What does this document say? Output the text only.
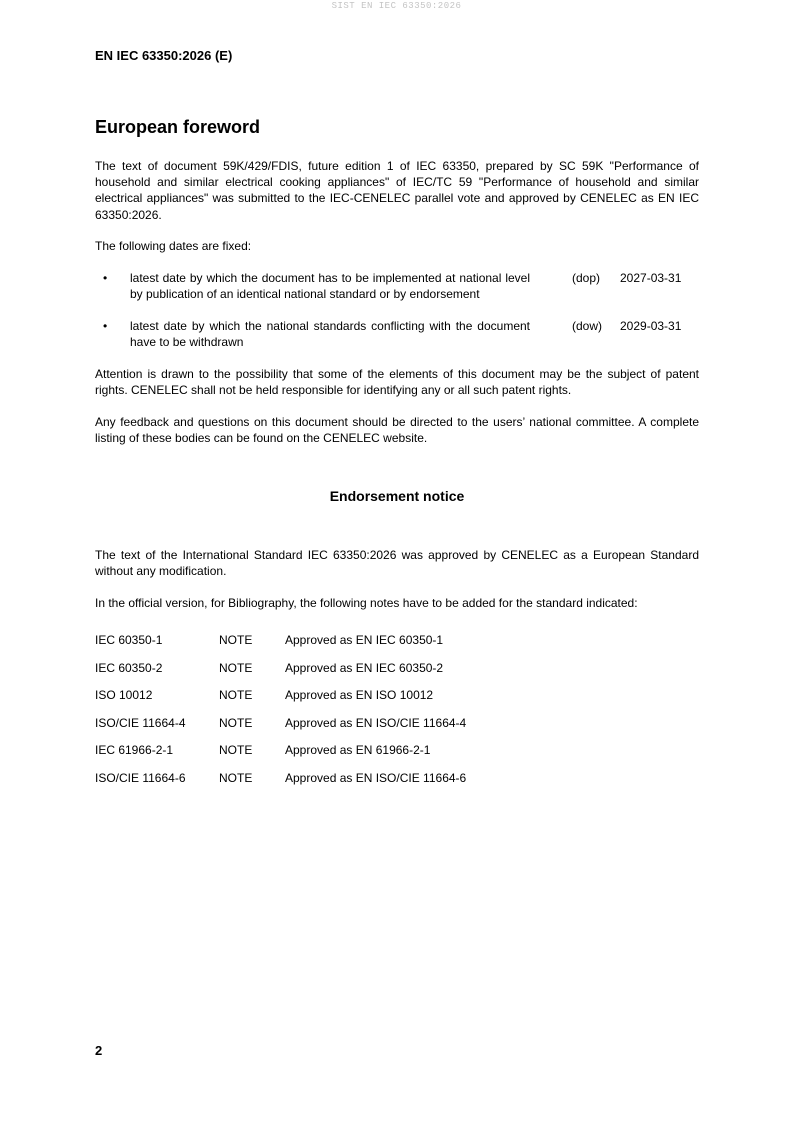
SIST EN IEC 63350:2026
EN IEC 63350:2026 (E)
European foreword
The text of document 59K/429/FDIS, future edition 1 of IEC 63350, prepared by SC 59K "Performance of household and similar electrical cooking appliances" of IEC/TC 59 "Performance of household and similar electrical appliances" was submitted to the IEC-CENELEC parallel vote and approved by CENELEC as EN IEC 63350:2026.
The following dates are fixed:
• latest date by which the document has to be implemented at national level by publication of an identical national standard or by endorsement
(dop) 2027-03-31
• latest date by which the national standards conflicting with the document have to be withdrawn
(dow) 2029-03-31
Attention is drawn to the possibility that some of the elements of this document may be the subject of patent rights. CENELEC shall not be held responsible for identifying any or all such patent rights.
Any feedback and questions on this document should be directed to the users’ national committee. A complete listing of these bodies can be found on the CENELEC website.
Endorsement notice
The text of the International Standard IEC 63350:2026 was approved by CENELEC as a European Standard without any modification.
In the official version, for Bibliography, the following notes have to be added for the standard indicated:
IEC 60350-1	NOTE	Approved as EN IEC 60350-1
IEC 60350-2	NOTE	Approved as EN IEC 60350-2
ISO 10012	NOTE	Approved as EN ISO 10012
ISO/CIE 11664-4	NOTE	Approved as EN ISO/CIE 11664-4
IEC 61966-2-1	NOTE	Approved as EN 61966-2-1
ISO/CIE 11664-6	NOTE	Approved as EN ISO/CIE 11664-6
2
